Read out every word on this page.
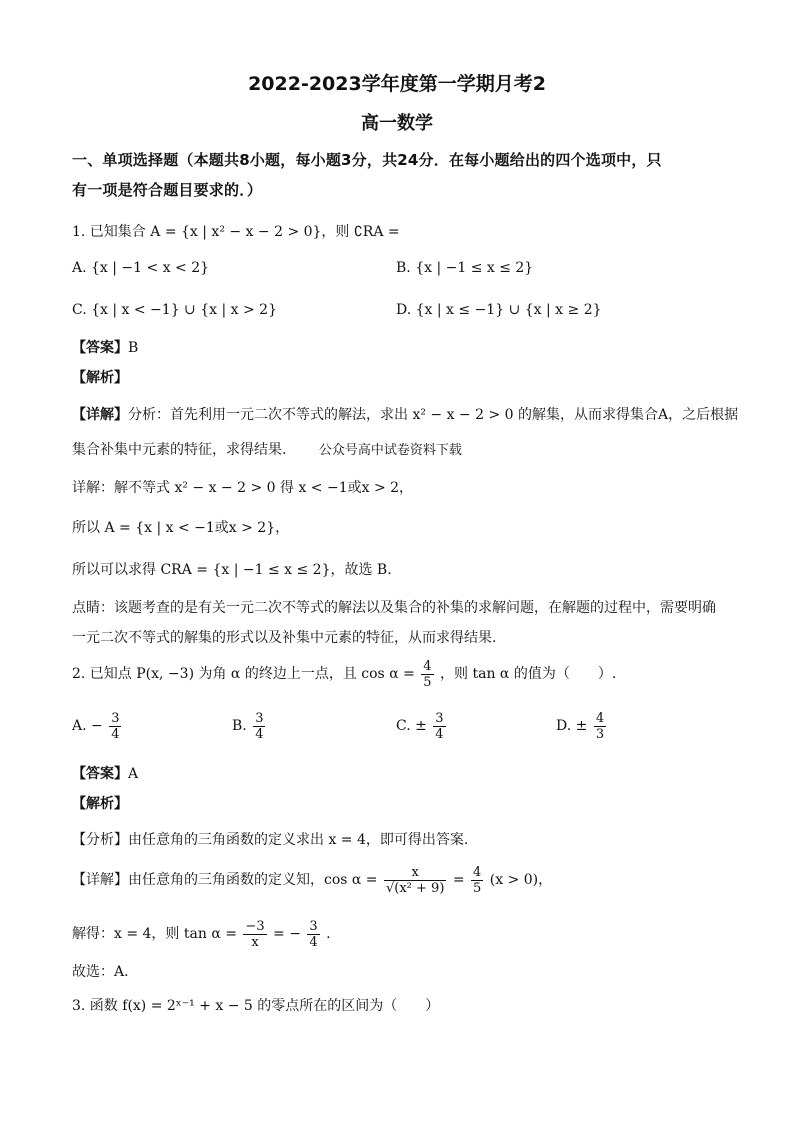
2022-2023学年度第一学期月考2
高一数学
一、单项选择题（本题共8小题，每小题3分，共24分．在每小题给出的四个选项中，只
有一项是符合题目要求的．）
1. 已知集合 A = {x | x² − x − 2 > 0}，则 ∁RA =
A. {x | −1 < x < 2}	B. {x | −1 ≤ x ≤ 2}
C. {x | x < −1} ∪ {x | x > 2}	D. {x | x ≤ −1} ∪ {x | x ≥ 2}
【答案】B
【解析】
【详解】分析：首先利用一元二次不等式的解法，求出 x² − x − 2 > 0 的解集，从而求得集合A，之后根据
集合补集中元素的特征，求得结果. 公众号高中试卷资料下载
详解：解不等式 x² − x − 2 > 0 得 x < −1或x > 2，
所以 A = {x | x < −1或x > 2}，
所以可以求得 CRA = {x | −1 ≤ x ≤ 2}，故选 B.
点睛：该题考查的是有关一元二次不等式的解法以及集合的补集的求解问题，在解题的过程中，需要明确
一元二次不等式的解集的形式以及补集中元素的特征，从而求得结果.
2. 已知点 P(x, −3) 为角 α 的终边上一点，且 $\cos \alpha = \frac{4}{5}$ ，则 tan α 的值为（　　）.
A. − $\frac{3}{4}$	B. $\frac{3}{4}$	C. ± $\frac{3}{4}$	D. ± $\frac{4}{3}$
【答案】A
【解析】
【分析】由任意角的三角函数的定义求出 x = 4，即可得出答案.
【详解】由任意角的三角函数的定义知，$\cos \alpha = \frac{x}{\text{√(x² + 9)}} = \frac{4}{5} (x > 0)$，
解得：x = 4，则 $\tan \alpha = \frac{-3}{x}$ = − $\frac{3}{4}$ .
故选：A.
3. 函数 f(x) = 2ˣ⁻¹ + x − 5 的零点所在的区间为（　　）
